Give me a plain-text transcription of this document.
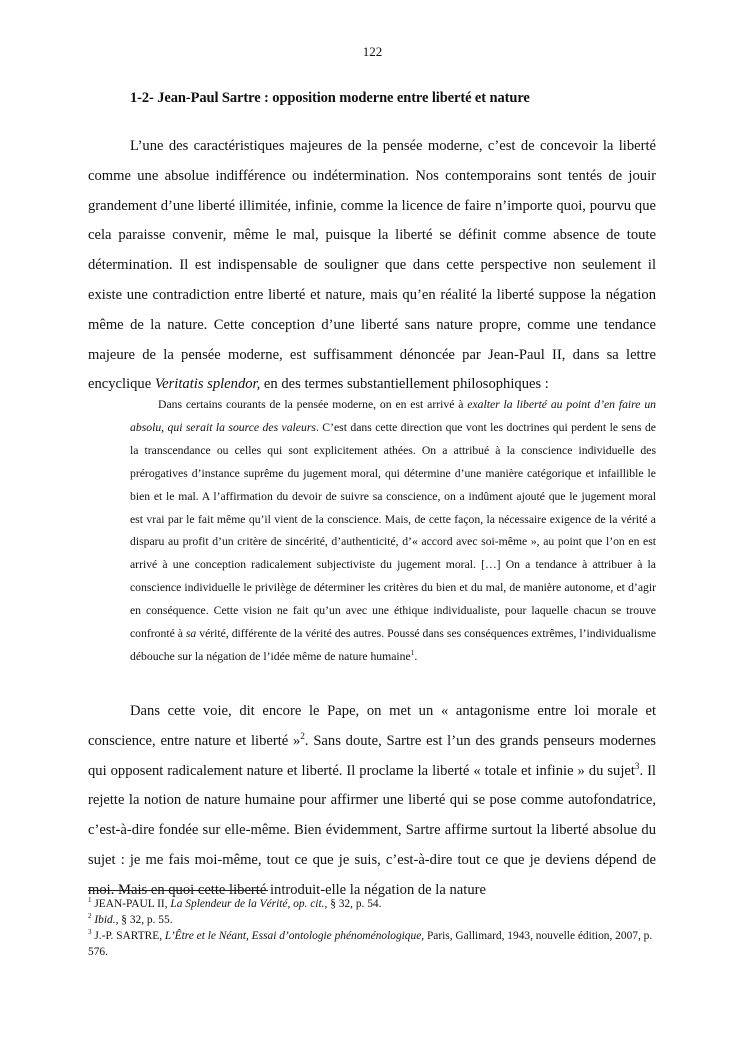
122
1-2- Jean-Paul Sartre : opposition moderne entre liberté et nature

L’une des caractéristiques majeures de la pensée moderne, c’est de concevoir la liberté comme une absolue indifférence ou indétermination. Nos contemporains sont tentés de jouir grandement d’une liberté illimitée, infinie, comme la licence de faire n’importe quoi, pourvu que cela paraisse convenir, même le mal, puisque la liberté se définit comme absence de toute détermination. Il est indispensable de souligner que dans cette perspective non seulement il existe une contradiction entre liberté et nature, mais qu’en réalité la liberté suppose la négation même de la nature. Cette conception d’une liberté sans nature propre, comme une tendance majeure de la pensée moderne, est suffisamment dénoncée par Jean-Paul II, dans sa lettre encyclique Veritatis splendor, en des termes substantiellement philosophiques :

Dans certains courants de la pensée moderne, on en est arrivé à exalter la liberté au point d’en faire un absolu, qui serait la source des valeurs. C’est dans cette direction que vont les doctrines qui perdent le sens de la transcendance ou celles qui sont explicitement athées. On a attribué à la conscience individuelle des prérogatives d’instance suprême du jugement moral, qui détermine d’une manière catégorique et infaillible le bien et le mal. A l’affirmation du devoir de suivre sa conscience, on a indûment ajouté que le jugement moral est vrai par le fait même qu’il vient de la conscience. Mais, de cette façon, la nécessaire exigence de la vérité a disparu au profit d’un critère de sincérité, d’authenticité, d’« accord avec soi-même », au point que l’on en est arrivé à une conception radicalement subjectiviste du jugement moral. […] On a tendance à attribuer à la conscience individuelle le privilège de déterminer les critères du bien et du mal, de manière autonome, et d’agir en conséquence. Cette vision ne fait qu’un avec une éthique individualiste, pour laquelle chacun se trouve confronté à sa vérité, différente de la vérité des autres. Poussé dans ses conséquences extrêmes, l’individualisme débouche sur la négation de l’idée même de nature humaine$^1$.

Dans cette voie, dit encore le Pape, on met un « antagonisme entre loi morale et conscience, entre nature et liberté »$^2$. Sans doute, Sartre est l’un des grands penseurs modernes qui opposent radicalement nature et liberté. Il proclame la liberté « totale et infinie » du sujet$^3$. Il rejette la notion de nature humaine pour affirmer une liberté qui se pose comme autofondatrice, c’est-à-dire fondée sur elle-même. Bien évidemment, Sartre affirme surtout la liberté absolue du sujet : je me fais moi-même, tout ce que je suis, c’est-à-dire tout ce que je deviens dépend de moi. Mais en quoi cette liberté introduit-elle la négation de la nature

$^1$ JEAN-PAUL II, La Splendeur de la Vérité, op. cit., § 32, p. 54.

$^2$ Ibid., § 32, p. 55.

$^3$ J.-P. SARTRE, L’Être et le Néant, Essai d’ontologie phénoménologique, Paris, Gallimard, 1943, nouvelle édition, 2007, p. 576.
